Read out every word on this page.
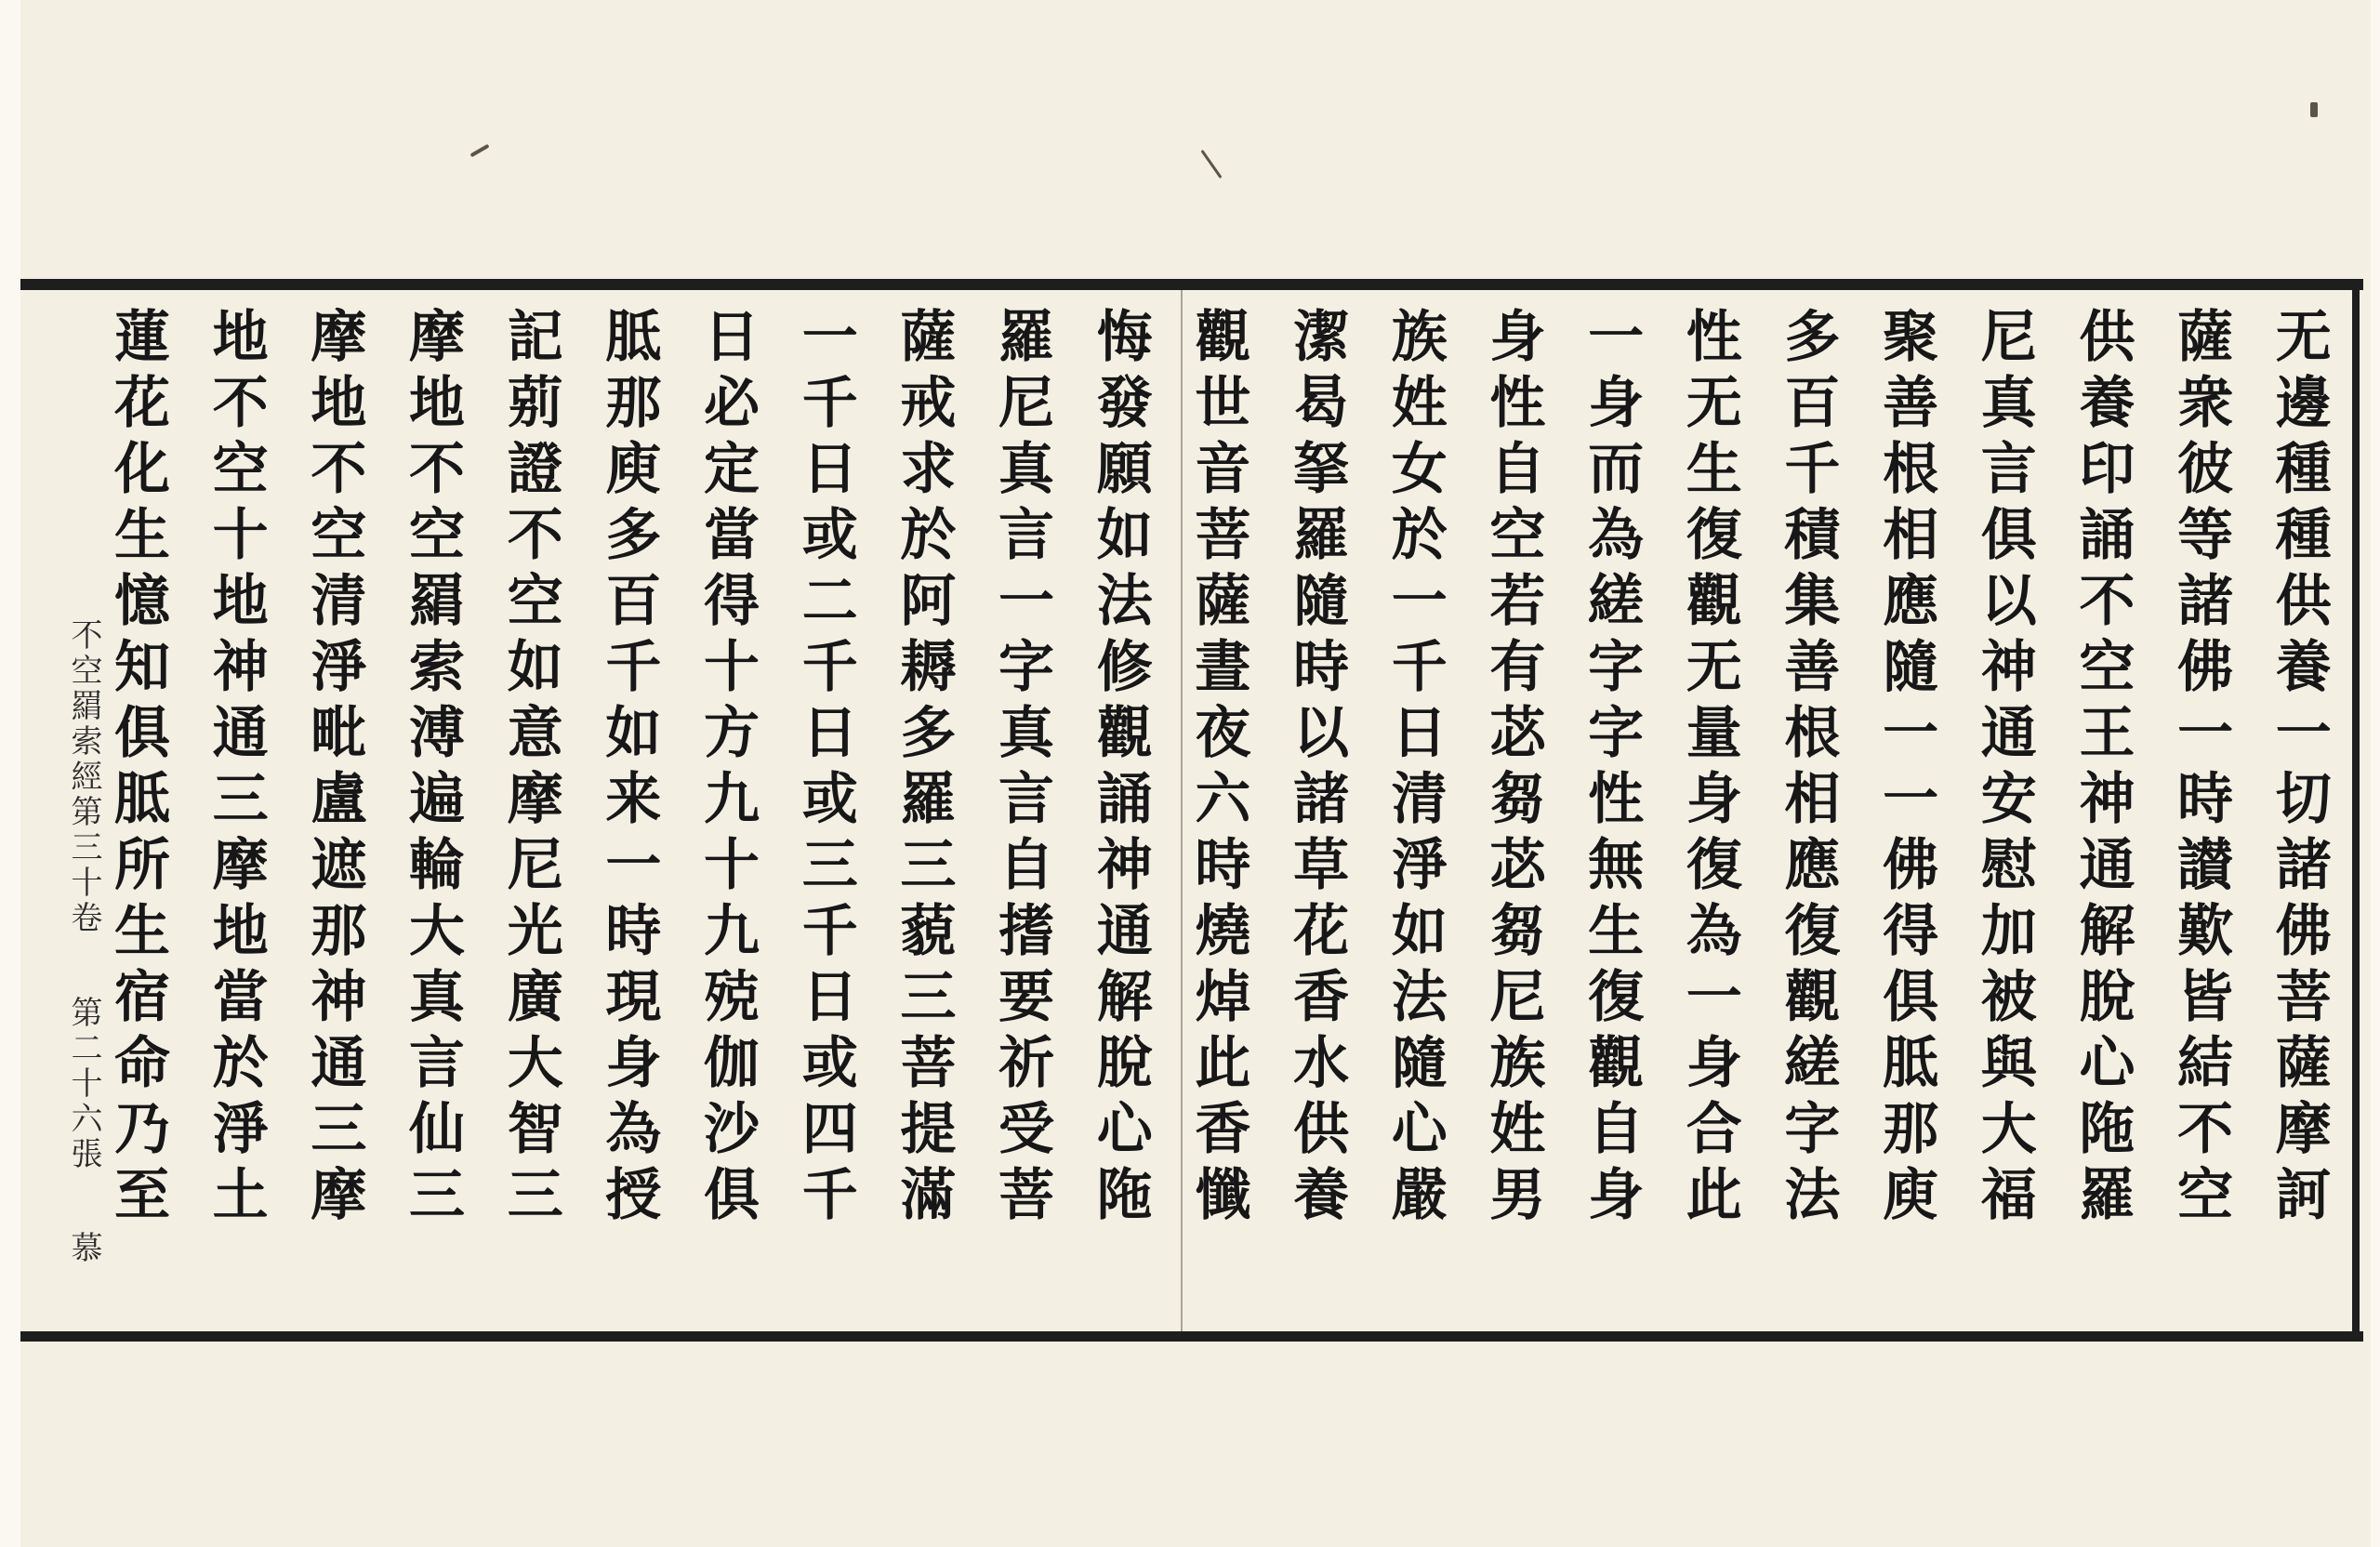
无邊種種供養一切諸佛菩薩摩訶
薩衆彼等諸佛一時讃歎皆結不空
供養印誦不空王神通解脫心陁羅
尼真言俱以神通安慰加被與大福
聚善根相應隨一一佛得俱胝那庾
多百千積集善根相應復觀縒字法
性无生復觀无量身復為一身合此
一身而為縒字字性無生復觀自身
身性自空若有苾芻苾芻尼族姓男
族姓女於一千日清淨如法隨心嚴
潔曷拏羅隨時以諸草花香水供養
觀世音菩薩晝夜六時燒焯此香懺
悔發願如法修觀誦神通解脫心陁
羅尼真言一字真言自搘要祈受菩
薩戒求於阿耨多羅三藐三菩提滿
一千日或二千日或三千日或四千
日必定當得十方九十九殑伽沙俱
胝那庾多百千如来一時現身為授
記莂證不空如意摩尼光廣大智三
摩地不空羂索溥遍輪大真言仙三
摩地不空清淨毗盧遮那神通三摩
地不空十地神通三摩地當於淨土
蓮花化生憶知俱胝所生宿命乃至
不空羂索經第三十卷  第二十六張  慕
